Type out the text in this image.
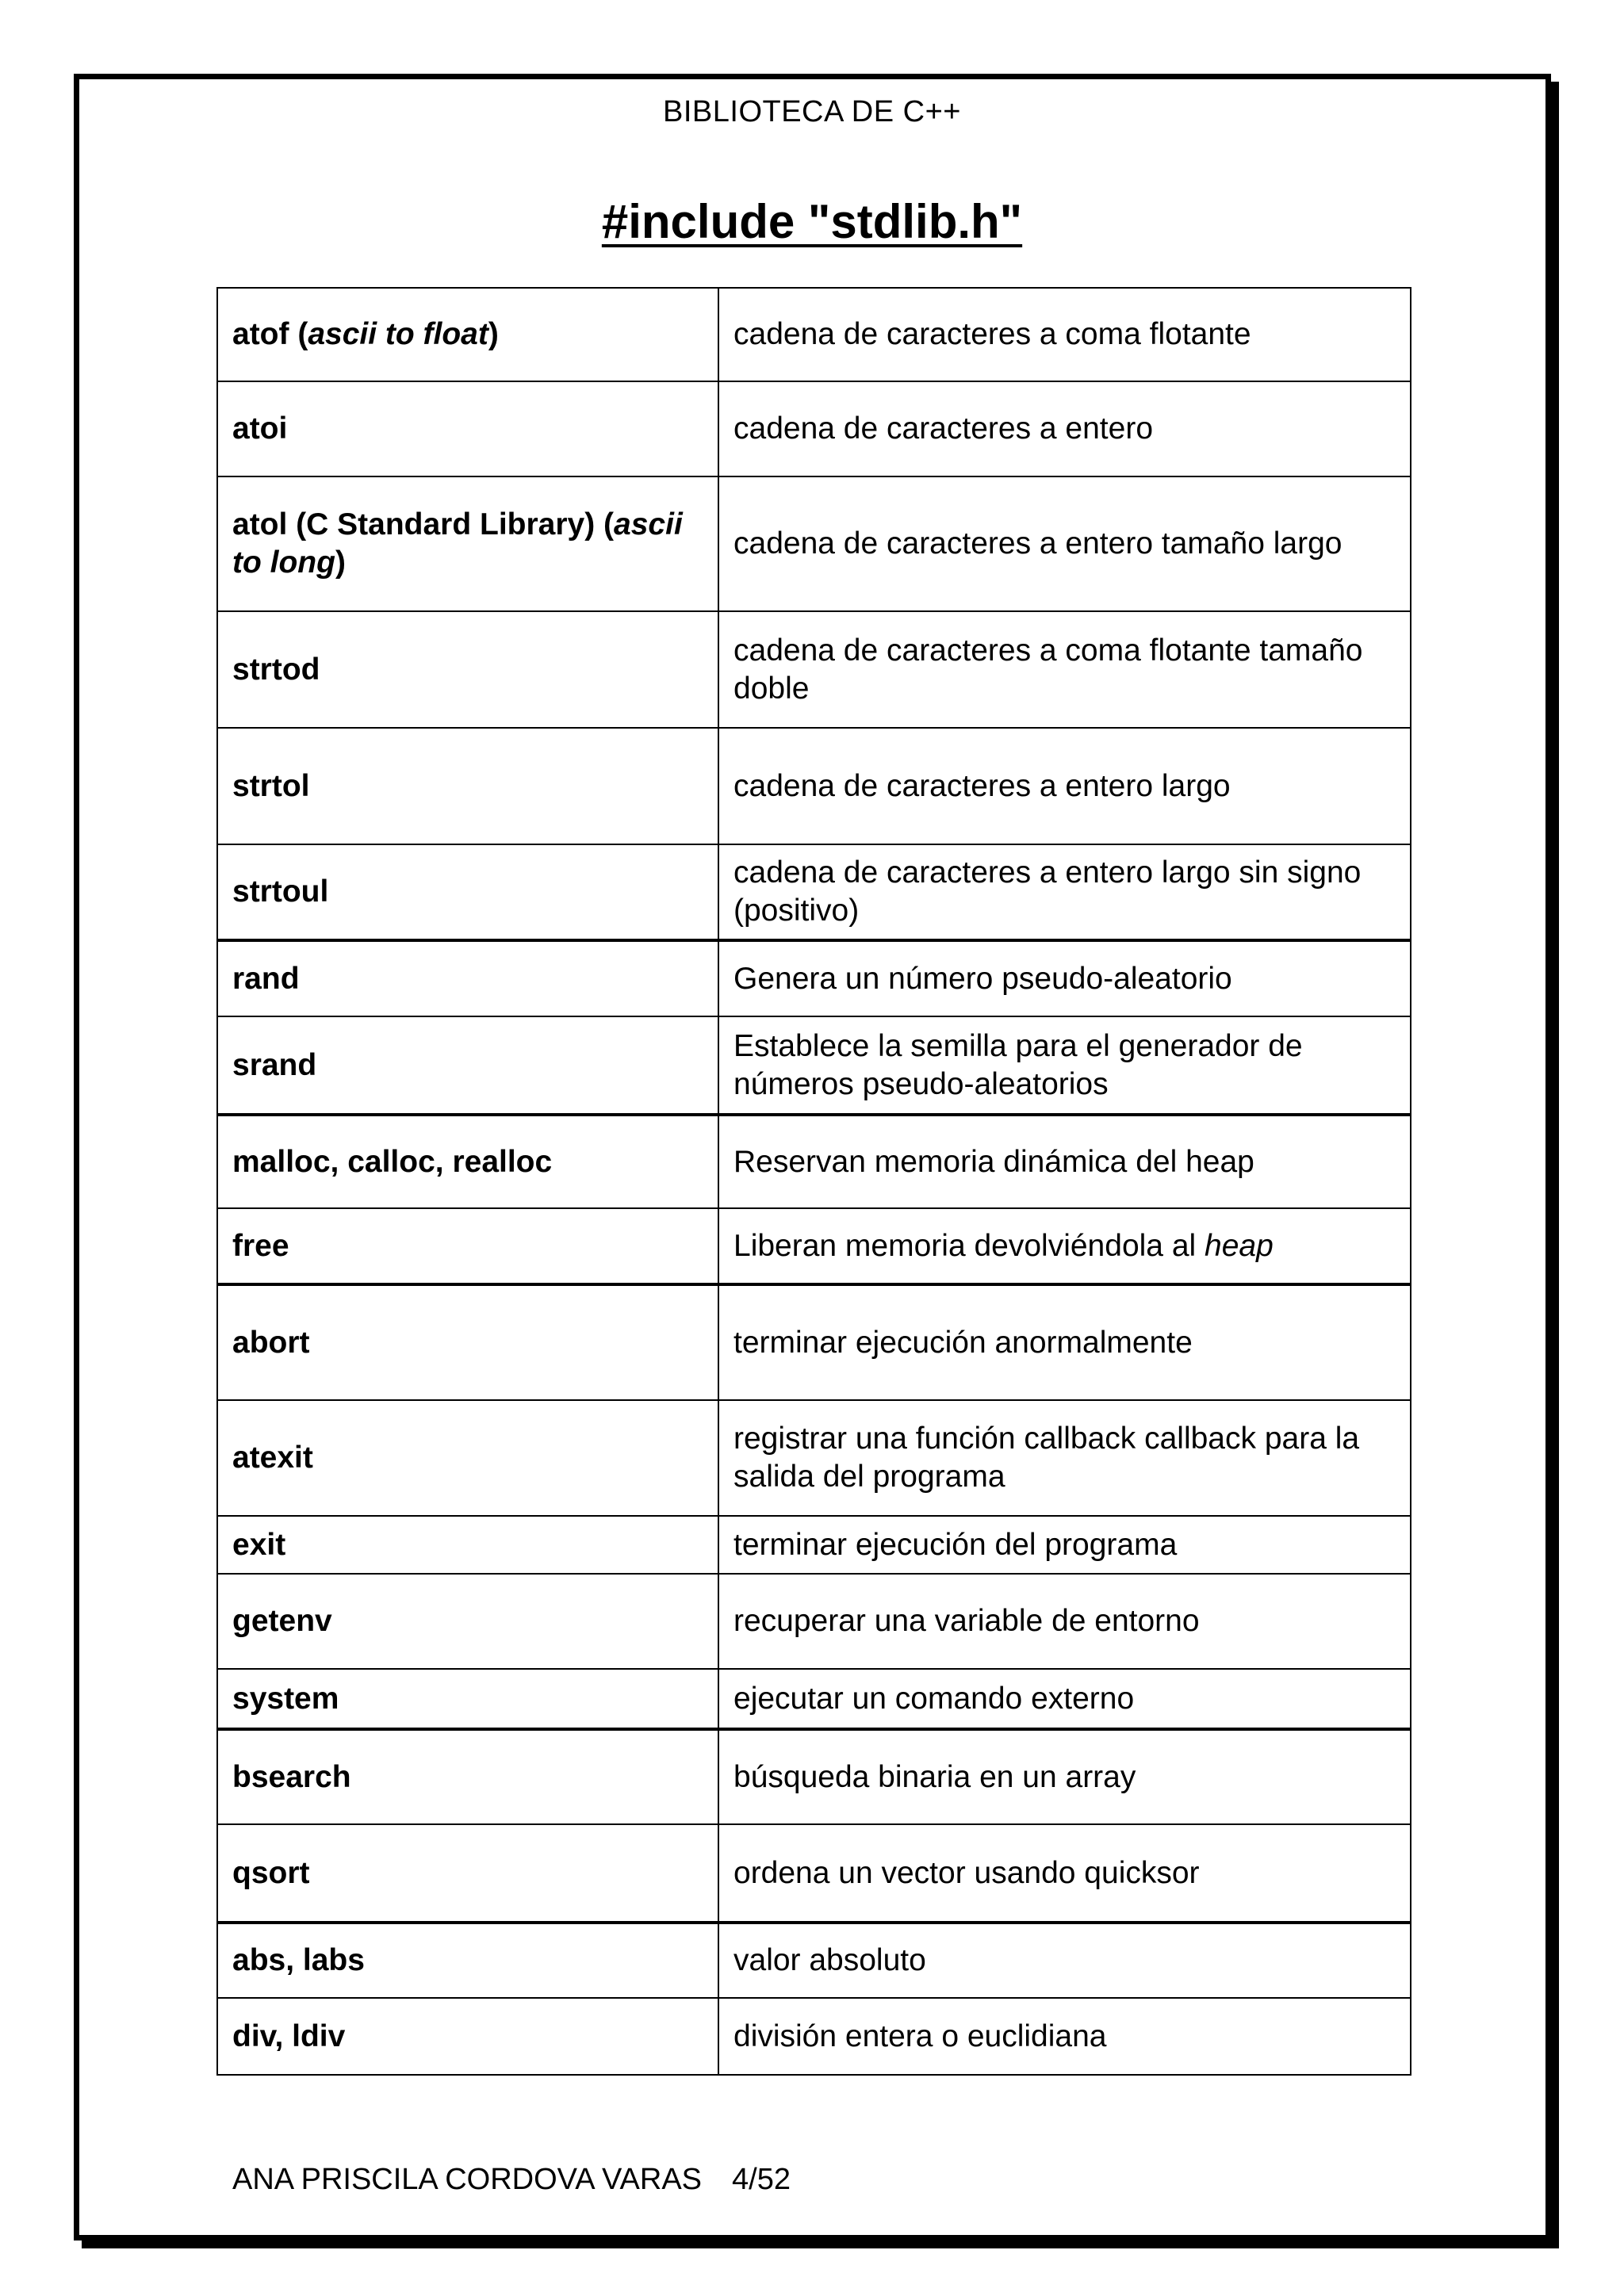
BIBLIOTECA DE C++
#include "stdlib.h"
atof (ascii to float)	cadena de caracteres a coma flotante
atoi	cadena de caracteres a entero
atol (C Standard Library) (ascii to long)	cadena de caracteres a entero tamaño largo
strtod	cadena de caracteres a coma flotante tamaño doble
strtol	cadena de caracteres a entero largo
strtoul	cadena de caracteres a entero largo sin signo (positivo)
rand	Genera un número pseudo-aleatorio
srand	Establece la semilla para el generador de números pseudo-aleatorios
malloc, calloc, realloc	Reservan memoria dinámica del heap
free	Liberan memoria devolviéndola al heap
abort	terminar ejecución anormalmente
atexit	registrar una función callback callback para la salida del programa
exit	terminar ejecución del programa
getenv	recuperar una variable de entorno
system	ejecutar un comando externo
bsearch	búsqueda binaria en un array
qsort	ordena un vector usando quicksor
abs, labs	valor absoluto
div, ldiv	división entera o euclidiana
ANA PRISCILA CORDOVA VARAS 4/52
